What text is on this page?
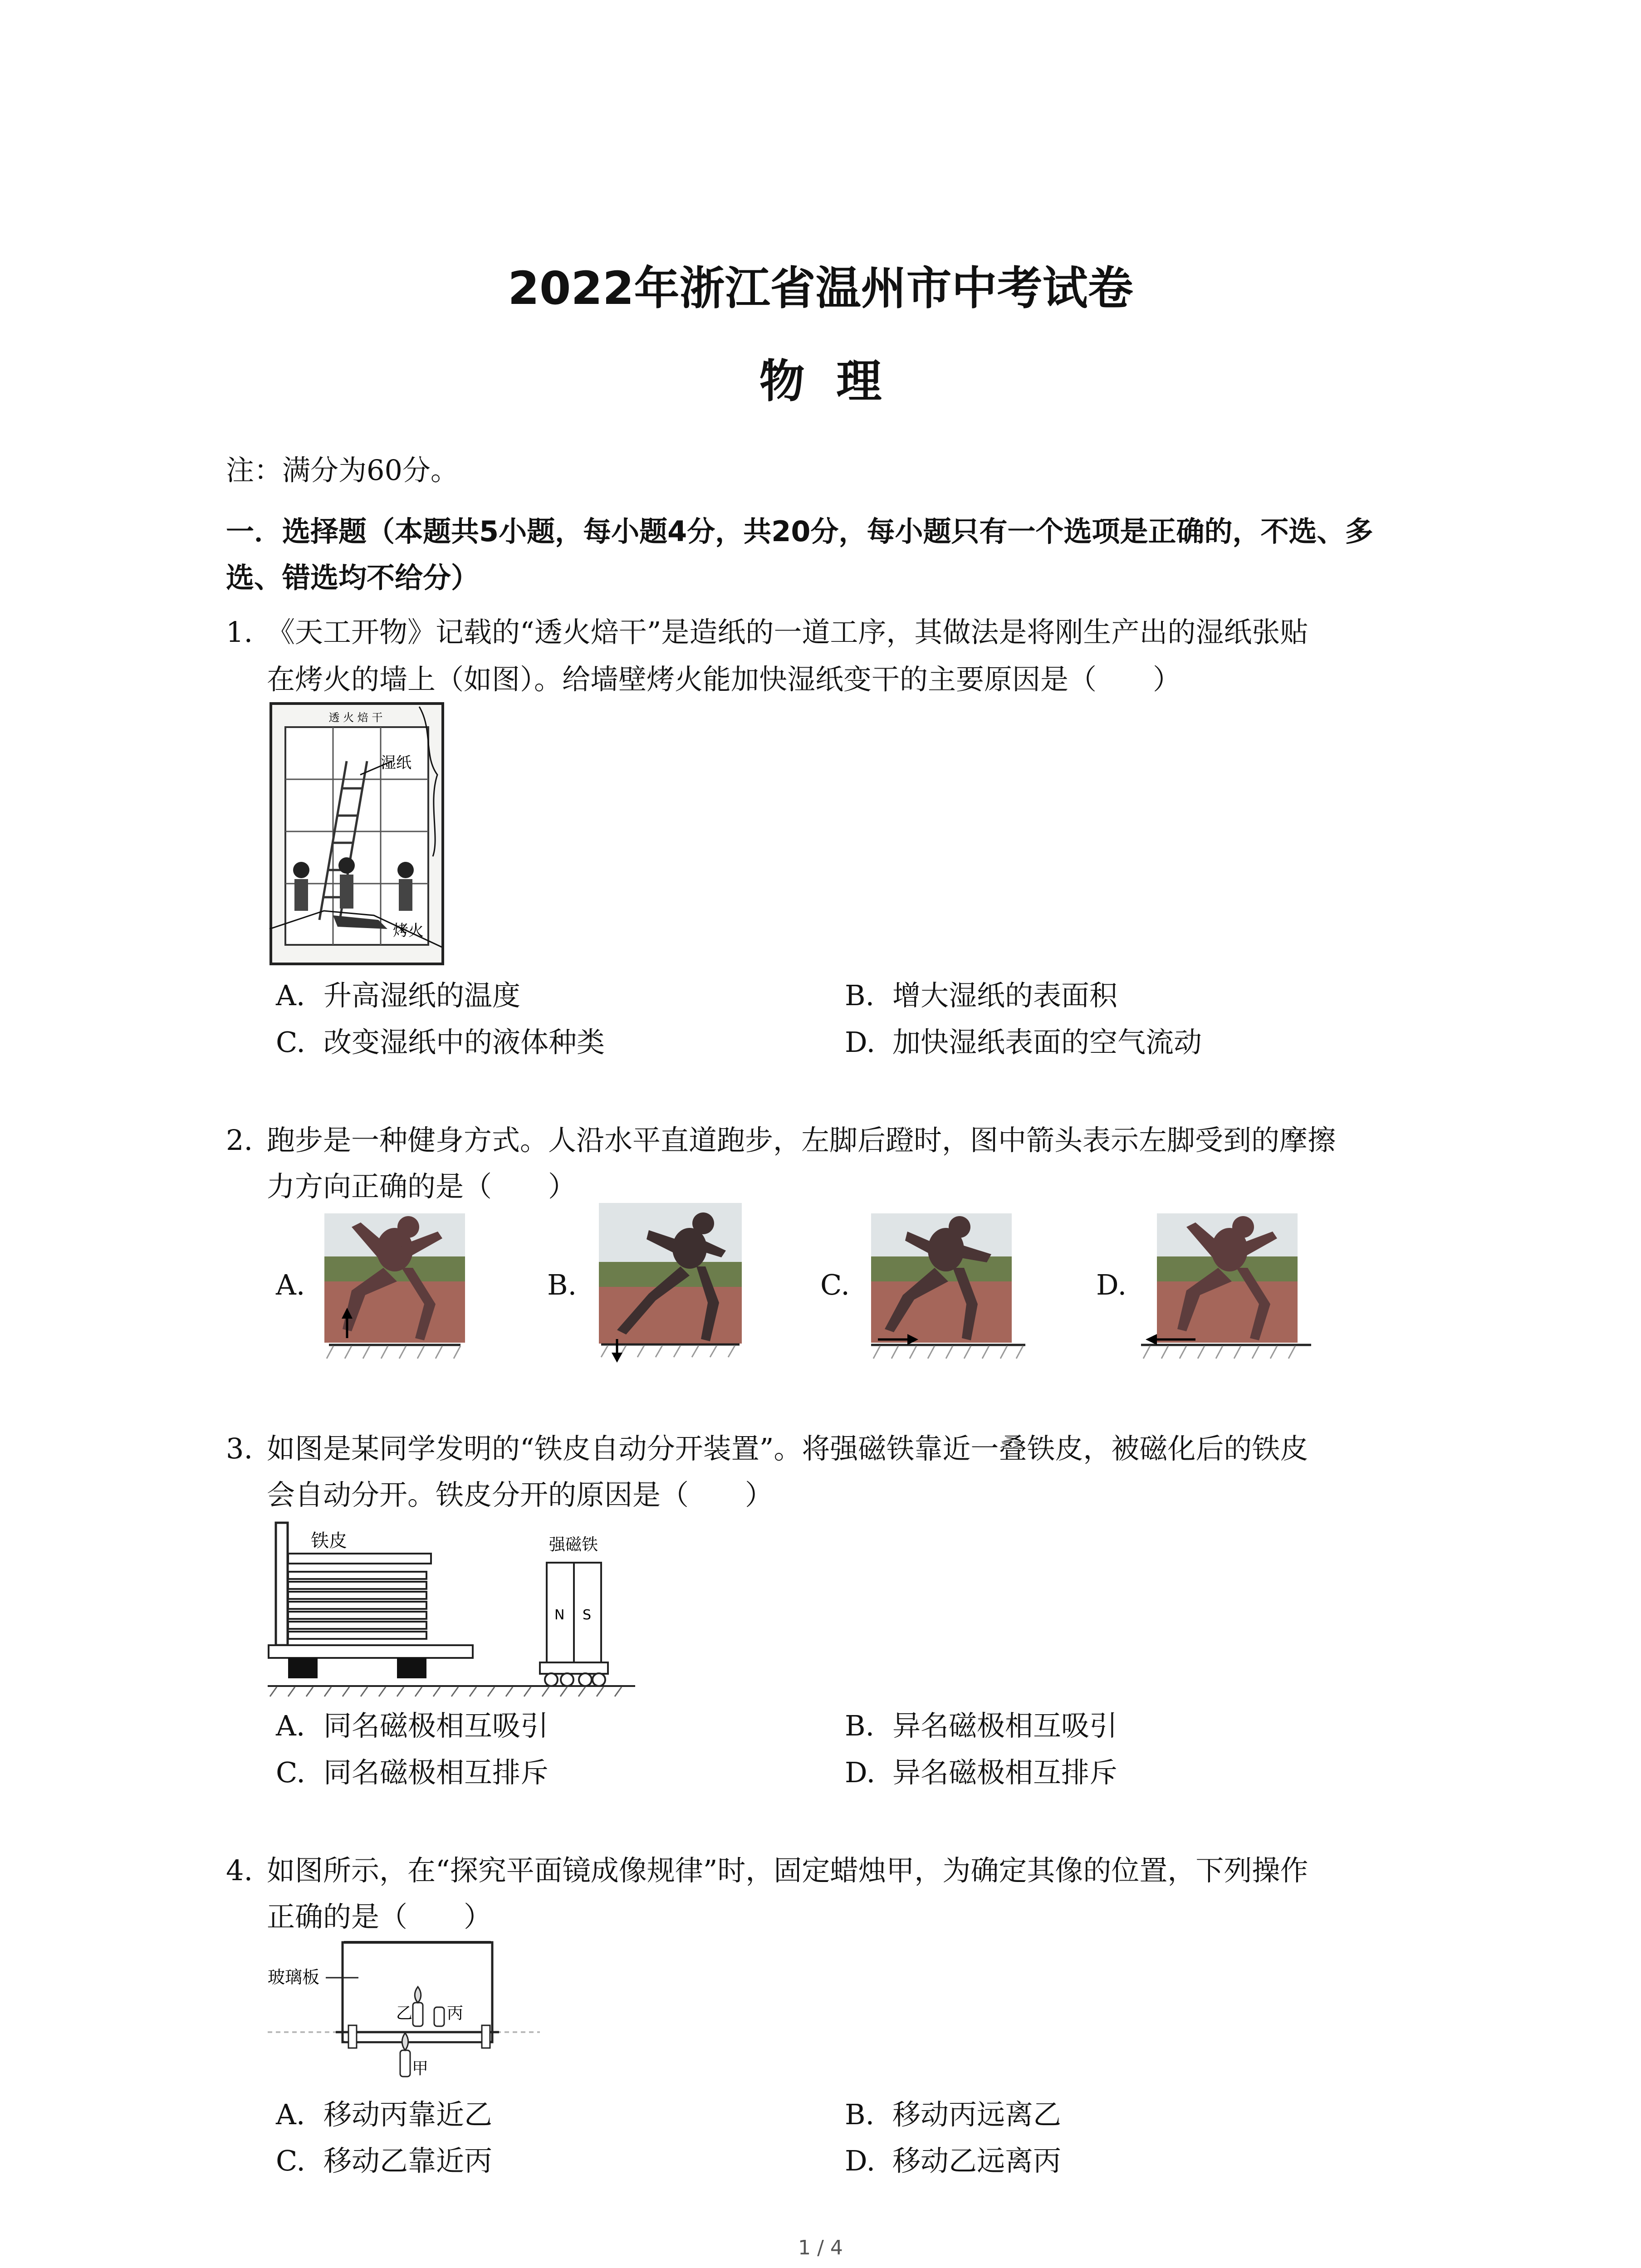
2022年浙江省温州市中考试卷
物  理
注：满分为60分。
一．选择题（本题共5小题，每小题4分，共20分，每小题只有一个选项是正确的，不选、多
选、错选均不给分）
1. 《天工开物》记载的“透火焙干”是造纸的一道工序，其做法是将刚生产出的湿纸张贴
在烤火的墙上（如图）。给墙壁烤火能加快湿纸变干的主要原因是（　　）
透 火 焙 干
湿纸
烤火
A. 升高湿纸的温度	B. 增大湿纸的表面积
C. 改变湿纸中的液体种类	D. 加快湿纸表面的空气流动
2. 跑步是一种健身方式。人沿水平直道跑步，左脚后蹬时，图中箭头表示左脚受到的摩擦
力方向正确的是（　　）
A.	B.	C.	D.
3. 如图是某同学发明的“铁皮自动分开装置”。将强磁铁靠近一叠铁皮，被磁化后的铁皮
会自动分开。铁皮分开的原因是（　　）
铁皮	强磁铁
N S
A. 同名磁极相互吸引	B. 异名磁极相互吸引
C. 同名磁极相互排斥	D. 异名磁极相互排斥
4. 如图所示，在“探究平面镜成像规律”时，固定蜡烛甲，为确定其像的位置，下列操作
正确的是（　　）
玻璃板
乙 丙
甲
A. 移动丙靠近乙	B. 移动丙远离乙
C. 移动乙靠近丙	D. 移动乙远离丙
1 / 4
